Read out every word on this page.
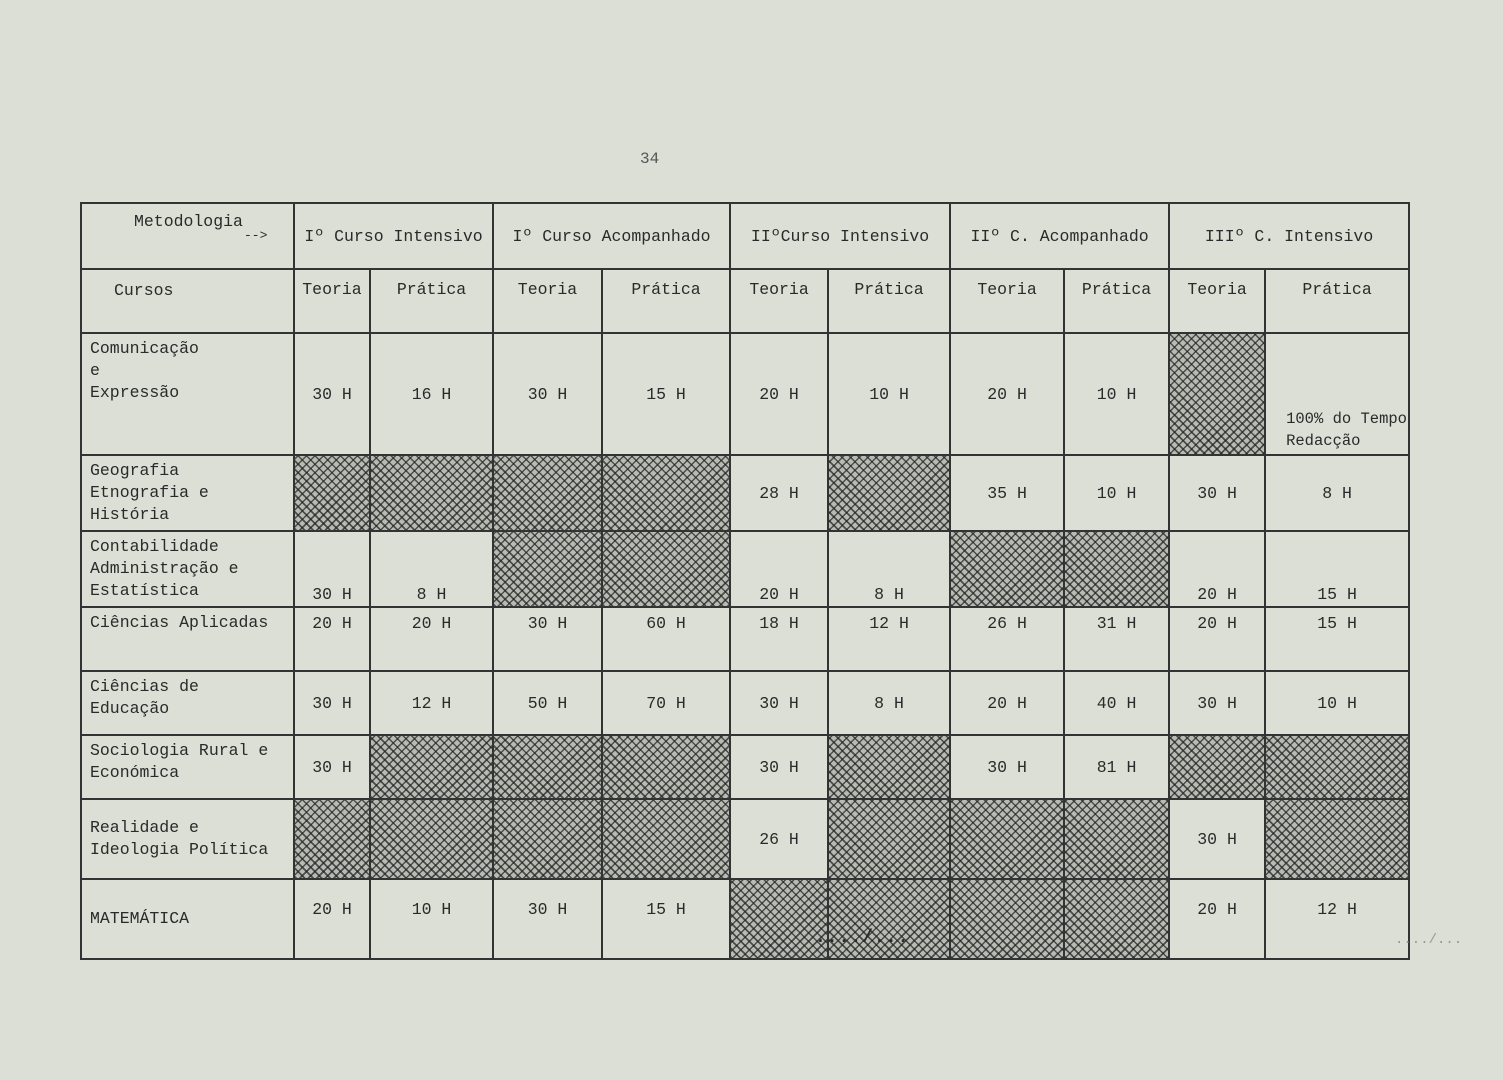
34
Metodologia
-->	Iº Curso Intensivo		Iº Curso Acompanhado		IIºCurso Intensivo		IIº C. Acompanhado		IIIº C. Intensivo	
Cursos	Teoria	Prática	Teoria	Prática	Teoria	Prática	Teoria	Prática	Teoria	Prática
Comunicação
e
Expressão	30 H	16 H	30 H	15 H	20 H	10 H	20 H	10 H		100% do Tempo Redacção
Geografia Etnografia e História					28 H		35 H	10 H	30 H	8 H
Contabilidade Administração e Estatística	30 H	8 H			20 H	8 H			20 H	15 H
Ciências Aplicadas	20 H	20 H	30 H	60 H	18 H	12 H	26 H	31 H	20 H	15 H
Ciências de Educação	30 H	12 H	50 H	70 H	30 H	8 H	20 H	40 H	30 H	10 H
Sociologia Rural e Económica	30 H				30 H		30 H	81 H		
Realidade e Ideologia Política					26 H				30 H	
MATEMÁTICA	20 H	10 H	30 H	15 H					20 H	12 H
..../...	..../...
